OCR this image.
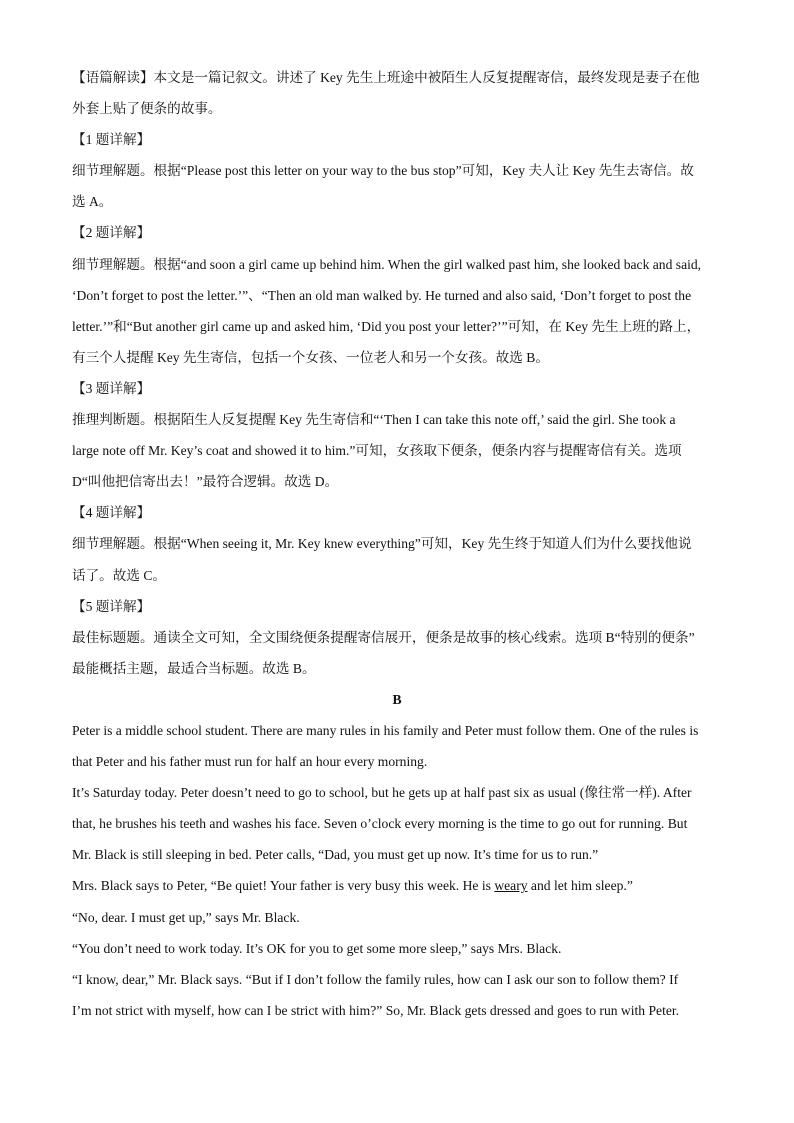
【语篇解读】本文是一篇记叙文。讲述了 Key 先生上班途中被陌生人反复提醒寄信，最终发现是妻子在他

外套上贴了便条的故事。

【1 题详解】

细节理解题。根据“Please post this letter on your way to the bus stop”可知，Key 夫人让 Key 先生去寄信。故

选 A。

【2 题详解】

细节理解题。根据“and soon a girl came up behind him. When the girl walked past him, she looked back and said,

‘Don’t forget to post the letter.’”、“Then an old man walked by. He turned and also said, ‘Don’t forget to post the

letter.’”和“But another girl came up and asked him, ‘Did you post your letter?’”可知，在 Key 先生上班的路上，

有三个人提醒 Key 先生寄信，包括一个女孩、一位老人和另一个女孩。故选 B。

【3 题详解】

推理判断题。根据陌生人反复提醒 Key 先生寄信和“‘Then I can take this note off,’ said the girl. She took a

large note off Mr. Key’s coat and showed it to him.”可知，女孩取下便条，便条内容与提醒寄信有关。选项

D“叫他把信寄出去！”最符合逻辑。故选 D。

【4 题详解】

细节理解题。根据“When seeing it, Mr. Key knew everything”可知，Key 先生终于知道人们为什么要找他说

话了。故选 C。

【5 题详解】

最佳标题题。通读全文可知，全文围绕便条提醒寄信展开，便条是故事的核心线索。选项 B“特别的便条”

最能概括主题，最适合当标题。故选 B。

B

Peter is a middle school student. There are many rules in his family and Peter must follow them. One of the rules is

that Peter and his father must run for half an hour every morning.

It’s Saturday today. Peter doesn’t need to go to school, but he gets up at half past six as usual (像往常一样). After

that, he brushes his teeth and washes his face. Seven o’clock every morning is the time to go out for running. But

Mr. Black is still sleeping in bed. Peter calls, “Dad, you must get up now. It’s time for us to run.”

Mrs. Black says to Peter, “Be quiet! Your father is very busy this week. He is weary and let him sleep.”

“No, dear. I must get up,” says Mr. Black.

“You don’t need to work today. It’s OK for you to get some more sleep,” says Mrs. Black.

“I know, dear,” Mr. Black says. “But if I don’t follow the family rules, how can I ask our son to follow them? If

I’m not strict with myself, how can I be strict with him?” So, Mr. Black gets dressed and goes to run with Peter.
